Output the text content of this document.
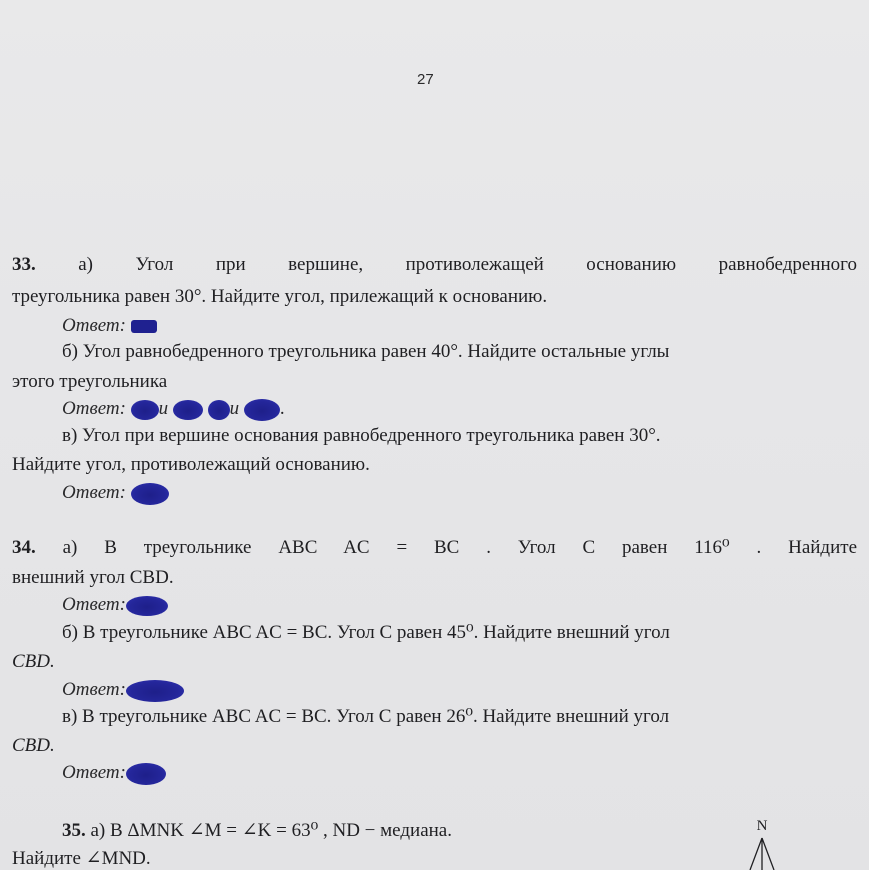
27
33. а) Угол при вершине, противолежащей основанию равнобедренного
треугольника равен 30°. Найдите угол, прилежащий к основанию.
Ответ:
б) Угол равнобедренного треугольника равен 40°. Найдите остальные углы
этого треугольника
Ответ: и	и .
в) Угол при вершине основания равнобедренного треугольника равен 30°.
Найдите угол, противолежащий основанию.
Ответ:
34. а) В треугольнике ABC AC = BC . Угол C равен 116⁰ . Найдите
внешний угол CBD.
Ответ:
б) В треугольнике ABC AC = BC. Угол C равен 45⁰. Найдите внешний угол
CBD.
Ответ:
в) В треугольнике ABC AC = BC. Угол C равен 26⁰. Найдите внешний угол
CBD.
Ответ:
35. а) В ΔMNK ∠M = ∠K = 63⁰ , ND − медиана.
Найдите ∠MND.
N
